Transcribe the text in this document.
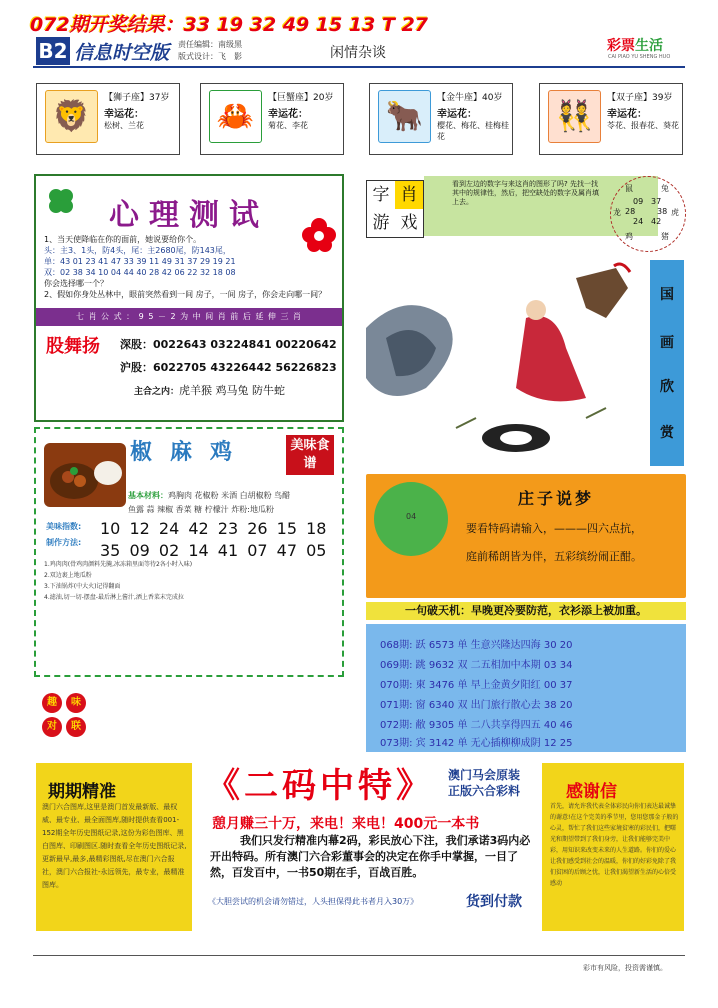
072期开奖结果：33 19 32 49 15 13 T 27
B2 信息时空版 责任编辑：南级黑
版式设计：飞　影	闲情杂谈	彩票生活
CAI PIAO YU SHENG HUO
🦁
【狮子座】37岁
幸运花：
松树、兰花	🦀
【巨蟹座】20岁
幸运花：
菊花、李花	🐂
【金牛座】40岁
幸运花：
樱花、梅花、桂梅桂花
👯
【双子座】39岁
幸运花：
苓花、报春花、葵花
心理测试
1、当天使降临在你的面前，她说要给你个。
头：主3、1头，防4头，尾：主2680尾，防143尾，
单：43 01 23 41 47 33 39 11 49 31 37 29 19 21
双：02 38 34 10 04 44 40 28 42 06 22 32 18 08
你会选择哪一个？
2、假如你身处丛林中，眼前突然看到一间 房子，一间 房子，你会走向哪一间？
七 肖 公 式 ： 9 5 － 2 为 中 间 肖 前 后 延 伸 三 肖
股舞扬	深股：0022643 03224841 00220642
沪股：6022705 43226442 56226823
主合之内：虎羊猴 鸡马兔 防牛蛇
椒麻鸡	美味食谱
基本材料：鸡胸肉 花椒粉 米酒 白胡椒粉 鸟醋
鱼露 蒜 辣椒 香菜 糖 柠檬汁 炸粉:地瓜粉
美味指数:
制作方法:
10 12 24 42 23 26 15 18
35 09 02 14 41 07 47 05
1.鸡肉肉(骨鸡肉颜料先腌,冰冻箱里面等待2各小时入味)
2.双边裹上地瓜粉
3.下油锅炸(中大火)记得翻面
4.滤油,切一切-摆盘-最后淋上酱汁,洒上香菜末完成拉
趣	味
对	联
字 肖
游 戏
看到左边的数字与来这肖的图形了吗? 先找一找其中的规律性，然后，把空缺处的数字及属肖填上去。
鼠	兔
09 37
龙 28	38 虎
24 42
鸡	猪
国
画
欣
赏
04
庄子说梦
要看特码请输入，———四六点抗，
庭前稀朗皆为伴，五彩缤纷闹正酣。
一句破天机：早晚更冷要防范，衣衫添上被加重。
068期: 跃 6573 单 生意兴隆达四海 30 20
069期: 跳 9632 双 二五相加中本期 03 34
070期: 柬 3476 单 早上金黄夕阳红 00 37
071期: 窗 6340 双 出门旅行散心去 38 20
072期: 敝 9305 单 二八共享得四五 40 46
073期: 宾 3142 单 无心插柳柳成阴 12 25
期期精准
澳门六合图库,这里是澳门首发最新版、最权威、最专业、最全面图库,随时提供查看001-152期全年历史图纸记录,这份为彩色图库、黑白图库、印刷图区.随时查看全年历史图纸记录,更新最早,最多,最精彩图纸,尽在澳门六合报社，澳门六合报社-永远领先，最专业，最精准图库。
《二码中特》	澳门马会原装
正版六合彩料
憩月赚三十万，来电！来电！400元一本书
我们只发行精准内幕2码，彩民放心下注，我们承诺3码内必开出特码。所有澳门六合彩董事会的决定在你手中掌握，一目了然，百发百中，一书50期在手，百战百胜。
《大胆尝试的机会请勿错过，人头担保得此书者月入30万》	货到付款
感谢信
首先，请允许我代表全体彩民向你们表达最诚挚的谢意!在这个完美的季节里，您用您那金子般的心灵，帮忙了我们这些家境贫寒的彩民们，把曙光和期望带到了我们身旁，让我们能够完美中彩，用知识来改变未来的人生道路。你们的爱心让我们感受到社会的温暖，你们的好彩免除了我们贫困的后顾之忧，让我们渴望新生活的心倍受感动
彩市有风险，投资需谨慎。
